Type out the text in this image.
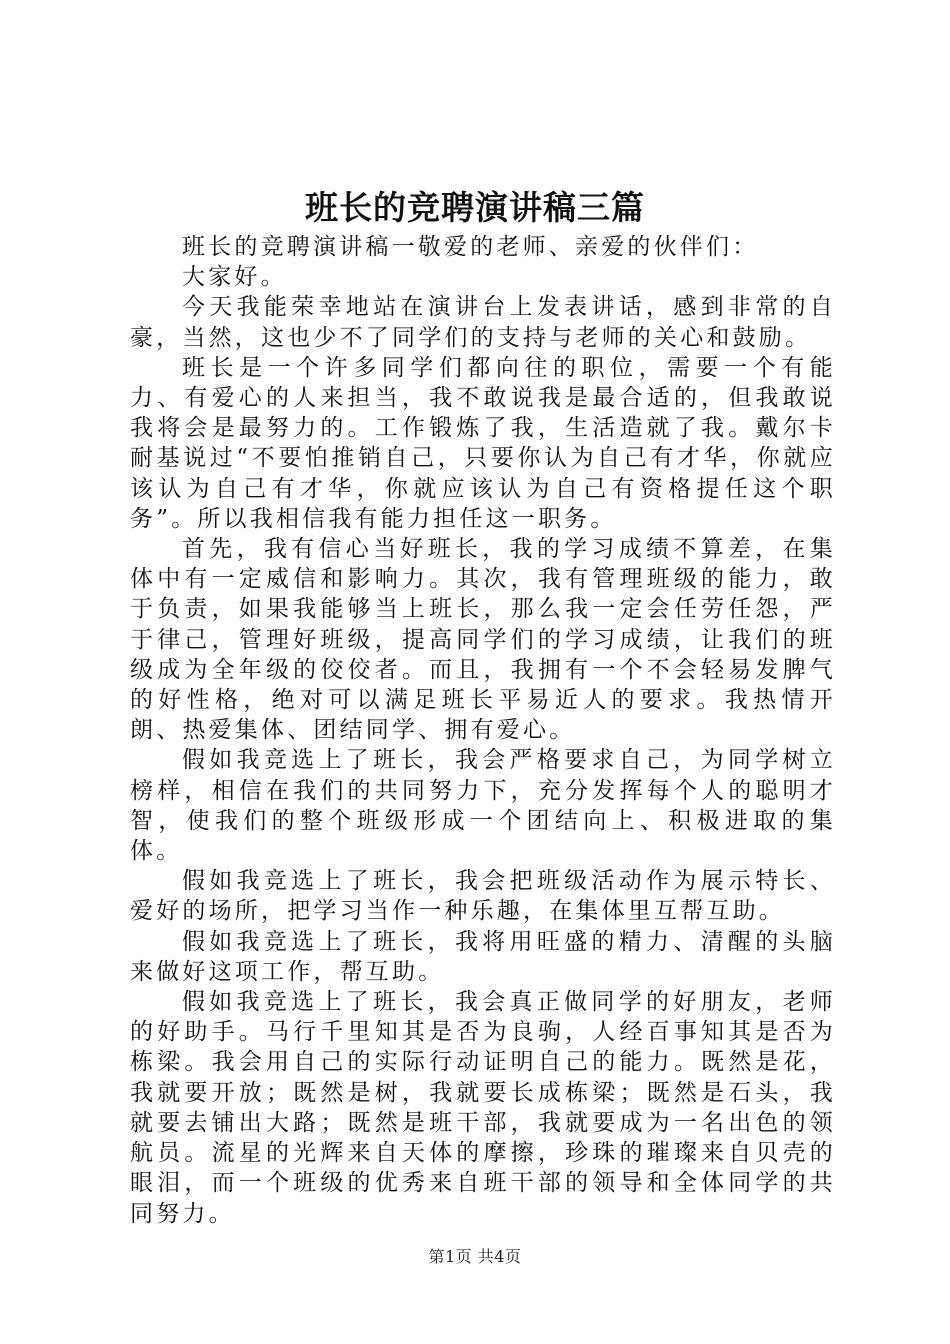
班长的竞聘演讲稿三篇

班长的竞聘演讲稿一敬爱的老师、亲爱的伙伴们：

大家好。

今天我能荣幸地站在演讲台上发表讲话，感到非常的自豪，当然，这也少不了同学们的支持与老师的关心和鼓励。

班长是一个许多同学们都向往的职位，需要一个有能力、有爱心的人来担当，我不敢说我是最合适的，但我敢说我将会是最努力的。工作锻炼了我，生活造就了我。戴尔卡耐基说过“不要怕推销自己，只要你认为自己有才华，你就应该认为自己有才华，你就应该认为自己有资格提任这个职务”。所以我相信我有能力担任这一职务。

首先，我有信心当好班长，我的学习成绩不算差，在集体中有一定威信和影响力。其次，我有管理班级的能力，敢于负责，如果我能够当上班长，那么我一定会任劳任怨，严于律己，管理好班级，提高同学们的学习成绩，让我们的班级成为全年级的佼佼者。而且，我拥有一个不会轻易发脾气的好性格，绝对可以满足班长平易近人的要求。我热情开朗、热爱集体、团结同学、拥有爱心。

假如我竞选上了班长，我会严格要求自己，为同学树立榜样，相信在我们的共同努力下，充分发挥每个人的聪明才智，使我们的整个班级形成一个团结向上、积极进取的集体。

假如我竞选上了班长，我会把班级活动作为展示特长、爱好的场所，把学习当作一种乐趣，在集体里互帮互助。

假如我竞选上了班长，我将用旺盛的精力、清醒的头脑来做好这项工作，帮互助。

假如我竞选上了班长，我会真正做同学的好朋友，老师的好助手。马行千里知其是否为良驹，人经百事知其是否为栋梁。我会用自己的实际行动证明自己的能力。既然是花，我就要开放；既然是树，我就要长成栋梁；既然是石头，我就要去铺出大路；既然是班干部，我就要成为一名出色的领航员。流星的光辉来自天体的摩擦，珍珠的璀璨来自贝壳的眼泪，而一个班级的优秀来自班干部的领导和全体同学的共同努力。

第1页 共4页
